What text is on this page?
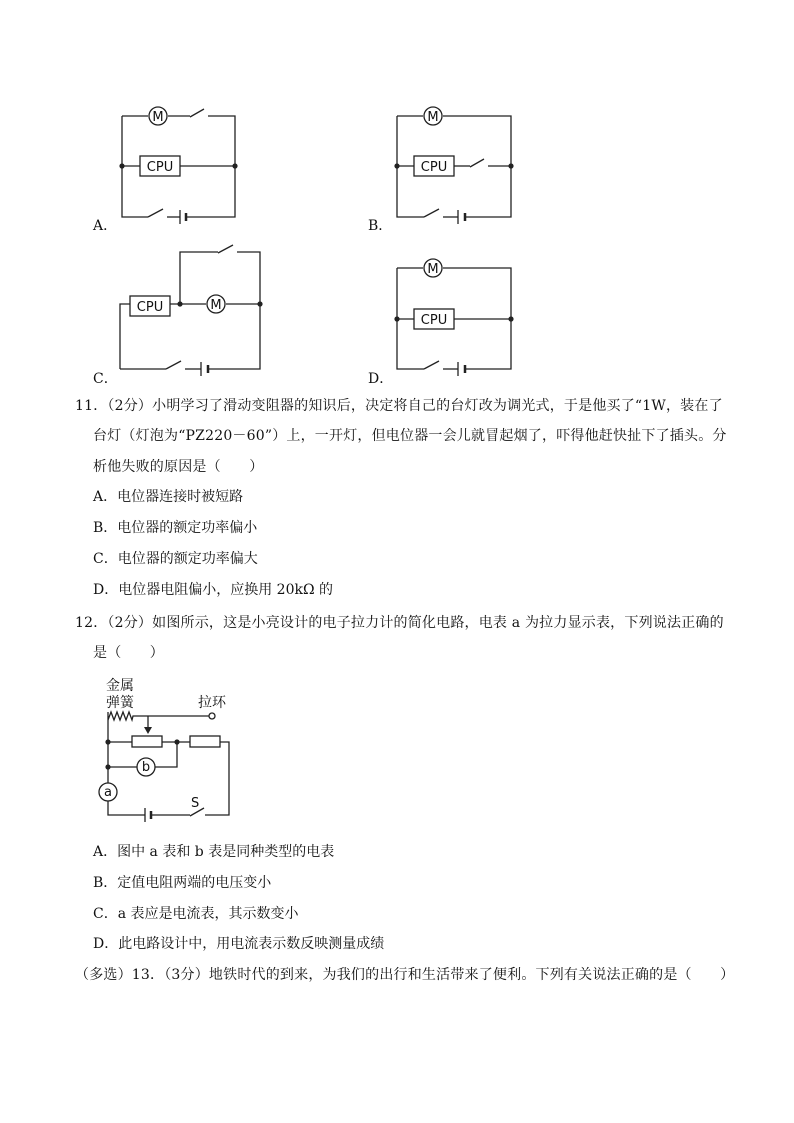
M
CPU
A．
M
CPU
B．
CPU	M
C．
M
CPU
D．
11．（2分）小明学习了滑动变阻器的知识后，决定将自己的台灯改为调光式，于是他买了“1W，装在了
台灯（灯泡为“PZ220－60”）上，一开灯，但电位器一会儿就冒起烟了，吓得他赶快扯下了插头。分
析他失败的原因是（　　）
A．电位器连接时被短路
B．电位器的额定功率偏小
C．电位器的额定功率偏大
D．电位器电阻偏小，应换用 20kΩ 的
12．（2分）如图所示，这是小亮设计的电子拉力计的简化电路，电表 a 为拉力显示表，下列说法正确的
是（　　）
金属
弹簧	拉环
b
a
S
A．图中 a 表和 b 表是同种类型的电表
B．定值电阻两端的电压变小
C．a 表应是电流表，其示数变小
D．此电路设计中，用电流表示数反映测量成绩
（多选）13．（3分）地铁时代的到来，为我们的出行和生活带来了便利。下列有关说法正确的是（　　）
